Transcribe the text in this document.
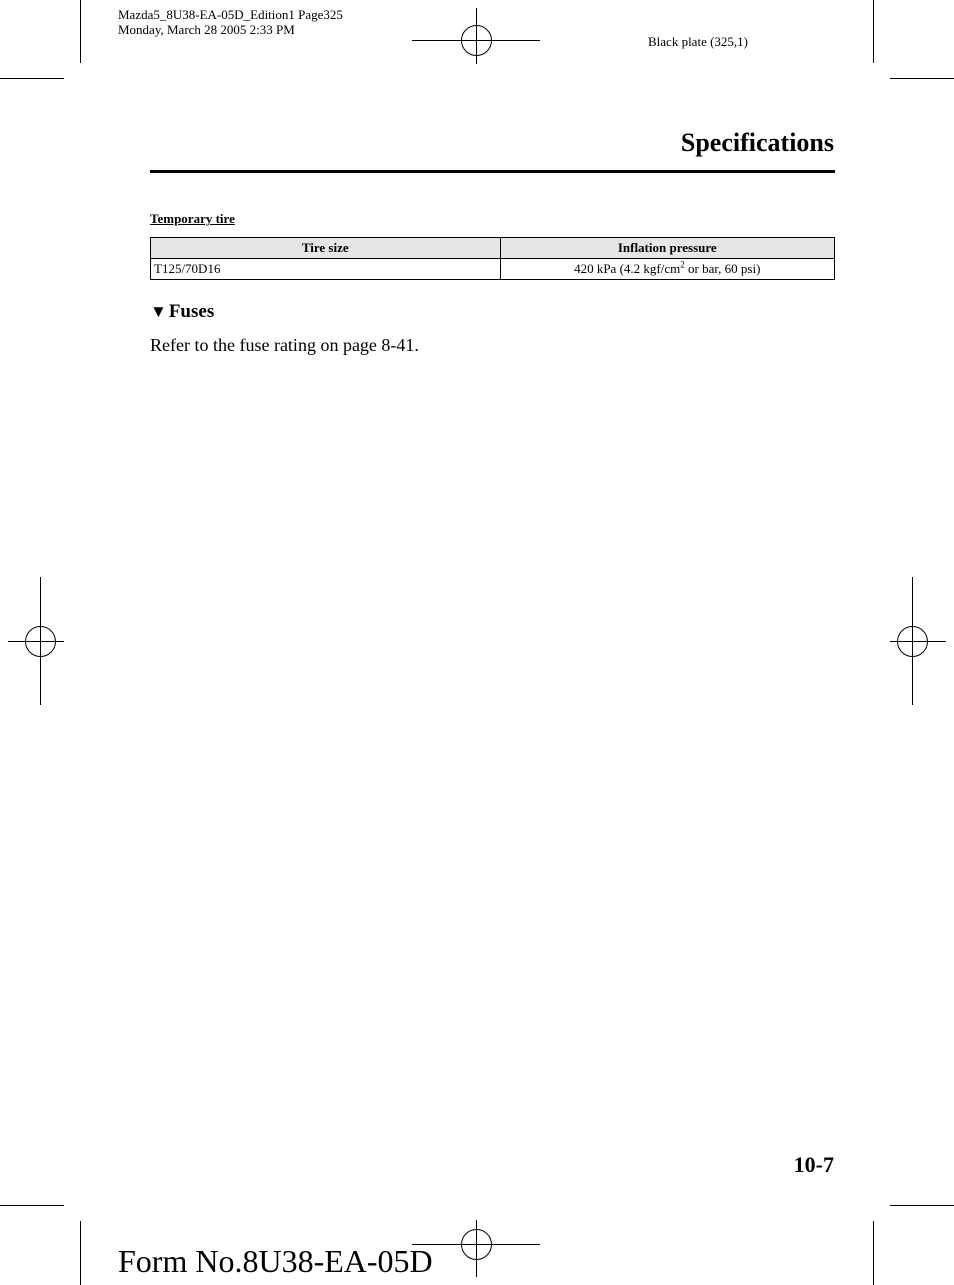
Mazda5_8U38-EA-05D_Edition1 Page325
Monday, March 28 2005 2:33 PM
Black plate (325,1)
Specifications
Temporary tire
Tire size	Inflation pressure
T125/70D16	420 kPa (4.2 kgf/$cm^2$ or bar, 60 psi)
▼ Fuses
Refer to the fuse rating on page 8-41.
10-7
Form No.8U38-EA-05D
